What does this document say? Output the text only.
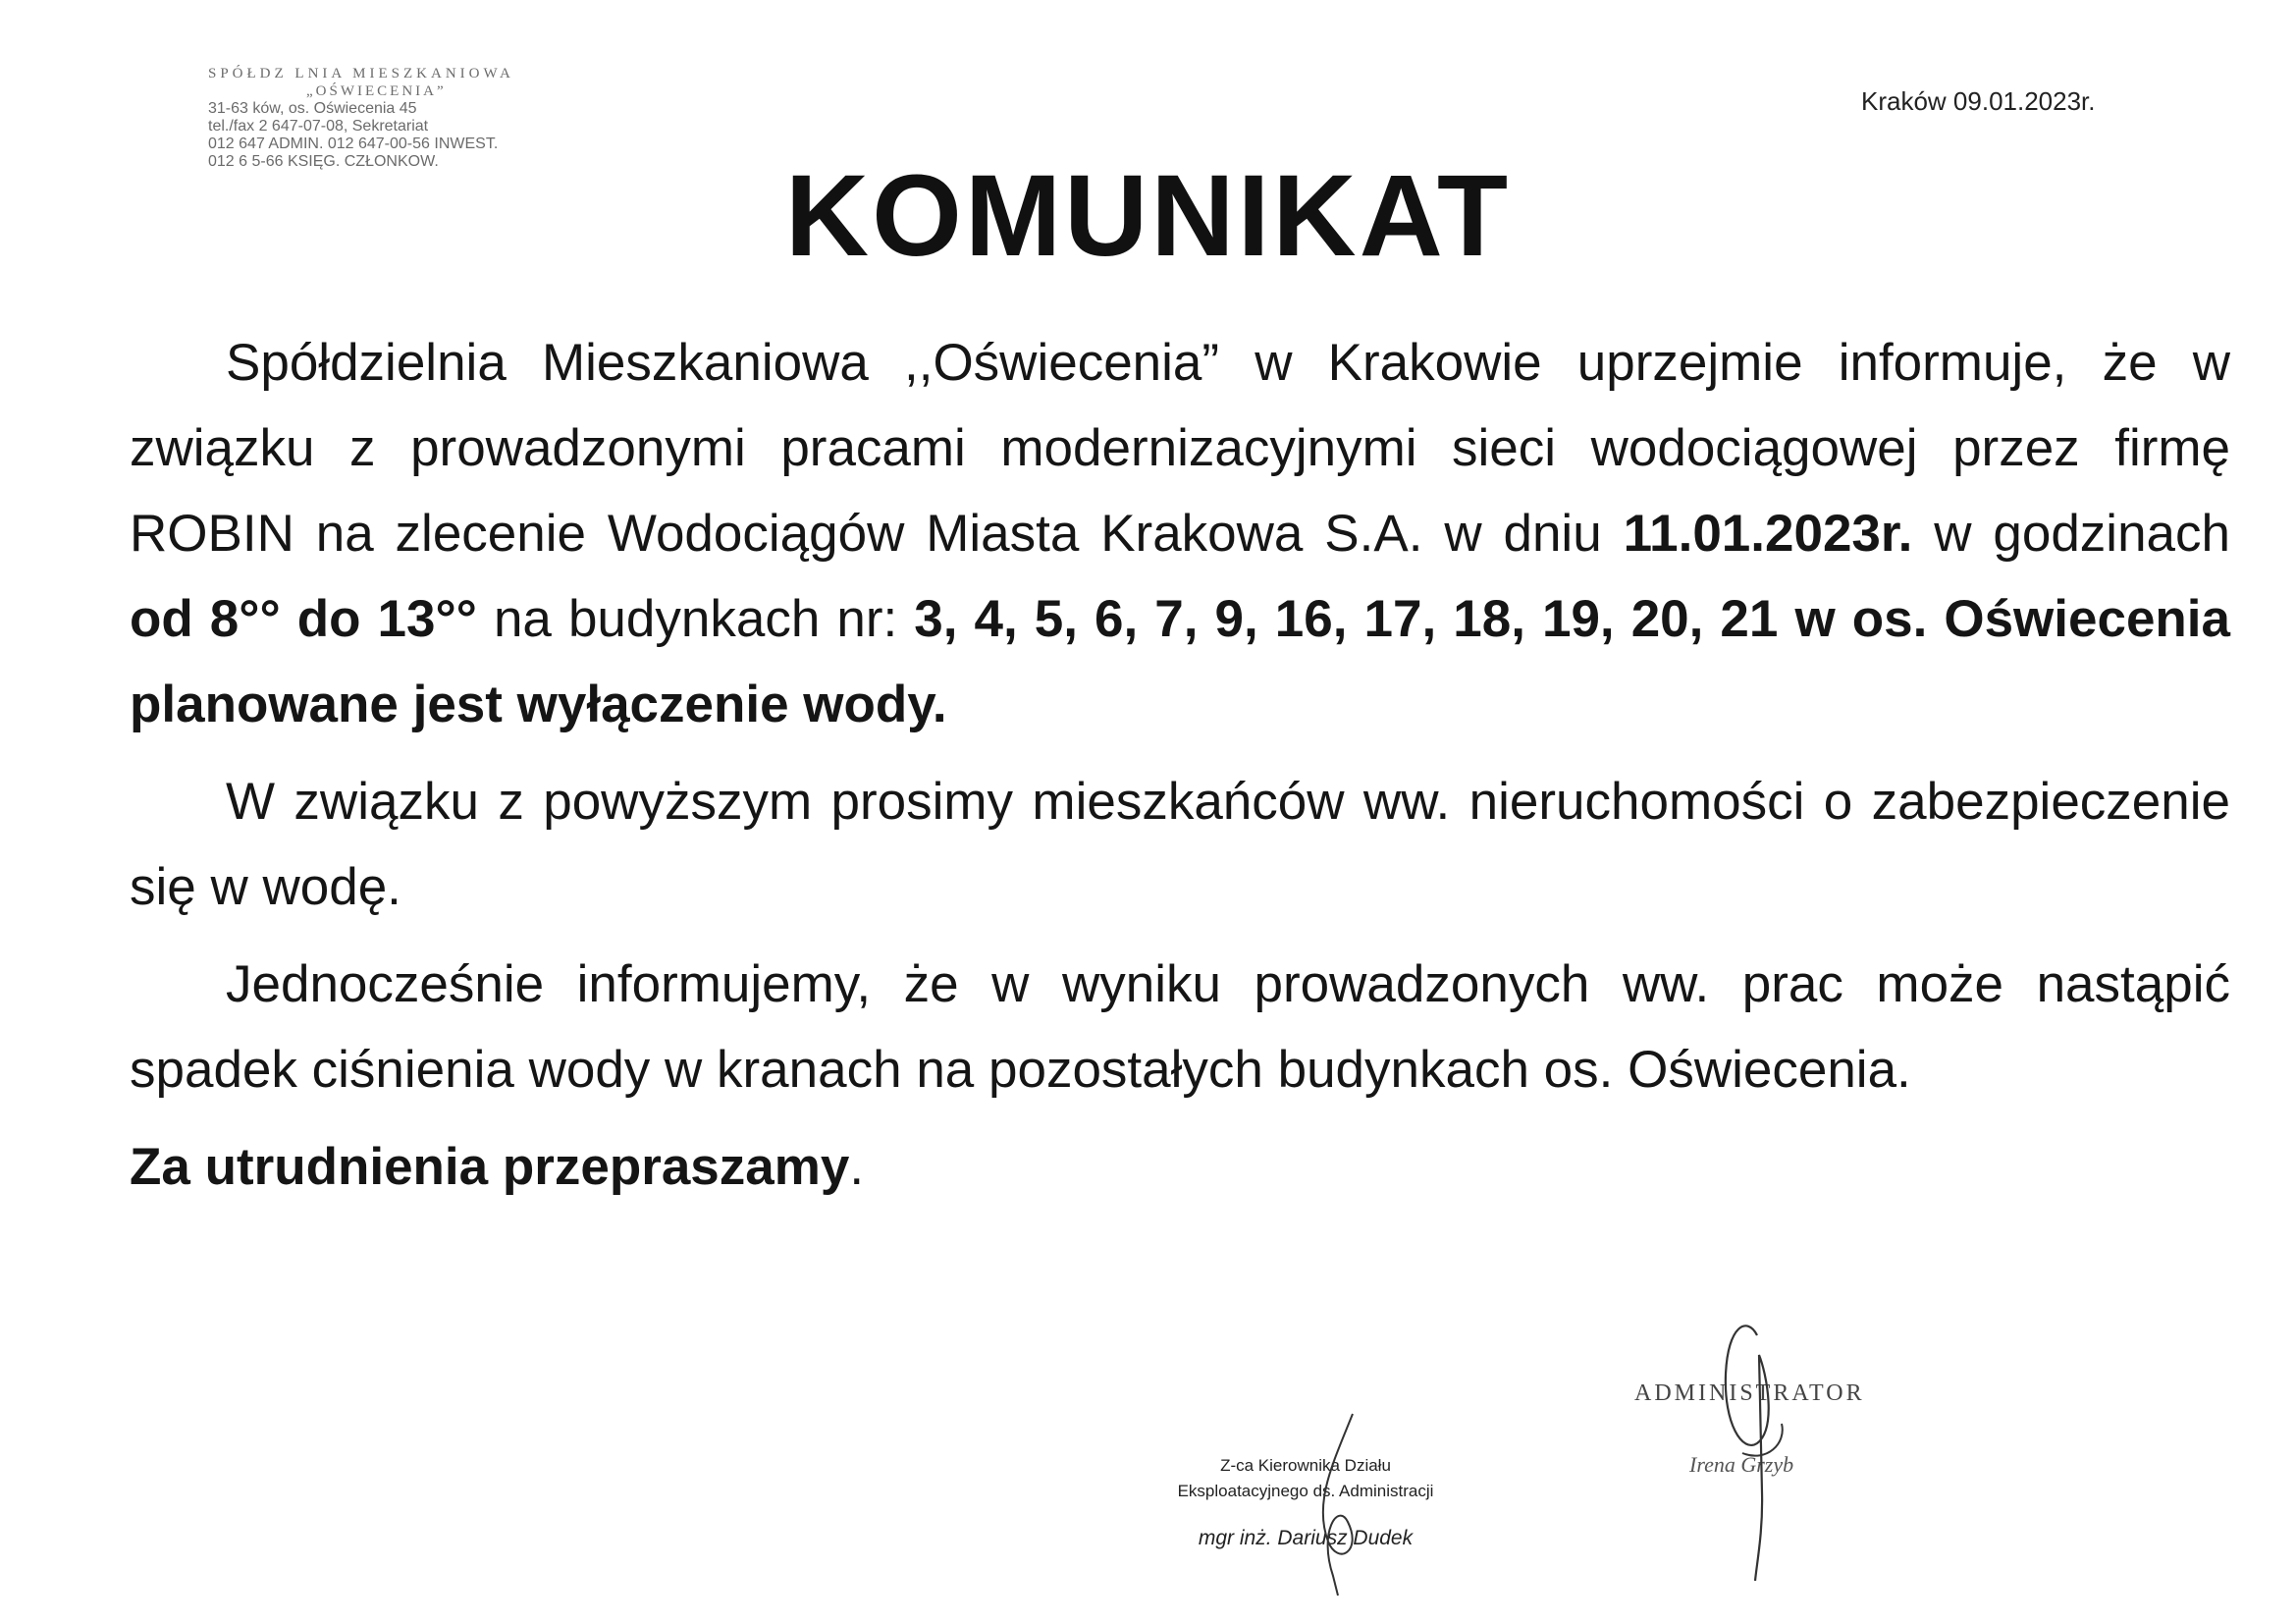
SPÓŁDZ LNIA MIESZKANIOWA
„OŚWIECENIA”
31-63 ków, os. Oświecenia 45
tel./fax 2 647-07-08, Sekretariat
012 647 ADMIN. 012 647-00-56 INWEST.
012 6 5-66 KSIĘG. CZŁONKOW.
Kraków 09.01.2023r.
KOMUNIKAT

Spółdzielnia Mieszkaniowa ,,Oświecenia” w Krakowie uprzejmie informuje, że w związku z prowadzonymi pracami modernizacyjnymi sieci wodociągowej przez firmę ROBIN na zlecenie Wodociągów Miasta Krakowa S.A. w dniu 11.01.2023r. w godzinach od 8°° do 13°° na budynkach nr: 3, 4, 5, 6, 7, 9, 16, 17, 18, 19, 20, 21 w os. Oświecenia planowane jest wyłączenie wody.

W związku z powyższym prosimy mieszkańców ww. nieruchomości o zabezpieczenie się w wodę.

Jednocześnie informujemy, że w wyniku prowadzonych ww. prac może nastąpić spadek ciśnienia wody w kranach na pozostałych budynkach os. Oświecenia.

Za utrudnienia przepraszamy.

Z-ca Kierownika Działu
Eksploatacyjnego ds. Administracji
mgr inż. Dariusz Dudek
ADMINISTRATOR
Irena Grzyb
